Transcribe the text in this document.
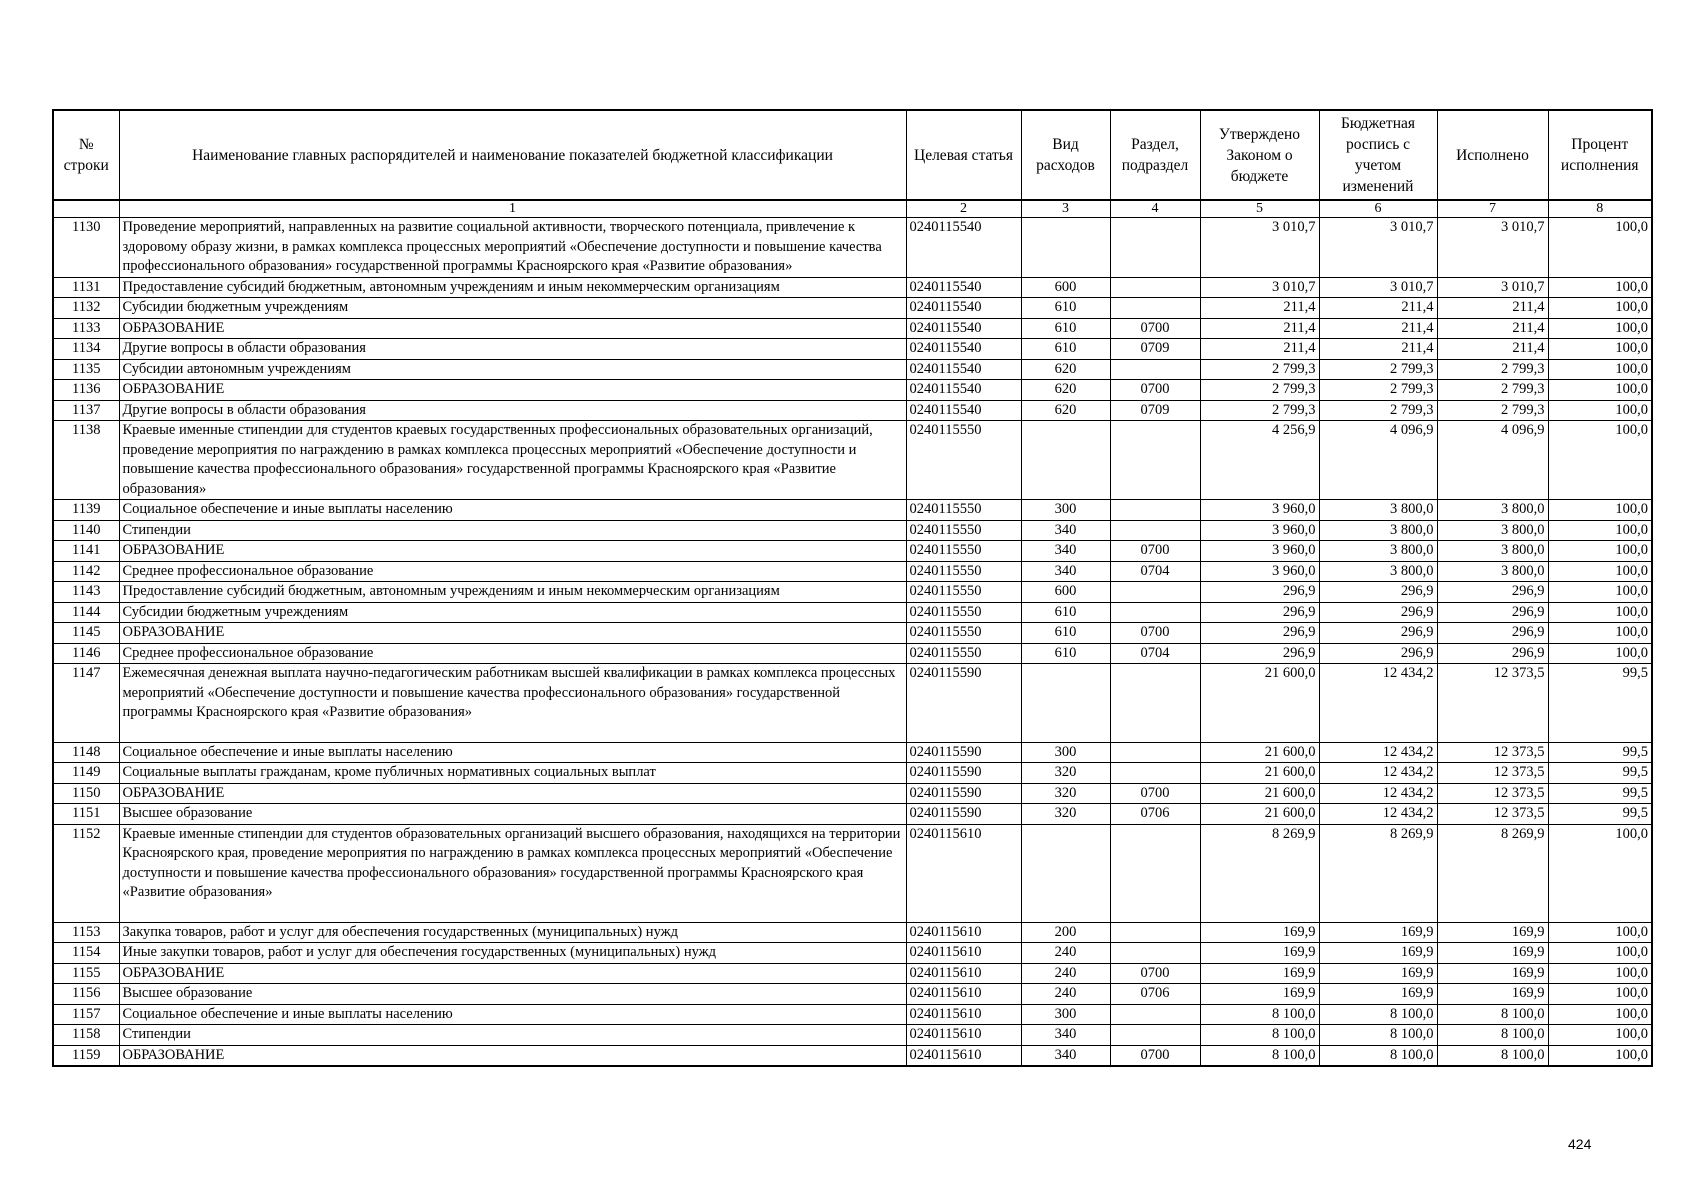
№ строки	Наименование главных распорядителей и наименование показателей бюджетной классификации	Целевая статья	Вид расходов	Раздел, подраздел	Утверждено Законом о бюджете	Бюджетная роспись с учетом изменений	Исполнено	Процент исполнения
	1	2	3	4	5	6	7	8
1130	Проведение мероприятий, направленных на развитие социальной активности, творческого потенциала, привлечение к здоровому образу жизни, в рамках комплекса процессных мероприятий «Обеспечение доступности и повышение качества профессионального образования» государственной программы Красноярского края «Развитие образования»	0240115540			3 010,7	3 010,7	3 010,7	100,0
1131	Предоставление субсидий бюджетным, автономным учреждениям и иным некоммерческим организациям	0240115540	600		3 010,7	3 010,7	3 010,7	100,0
1132	Субсидии бюджетным учреждениям	0240115540	610		211,4	211,4	211,4	100,0
1133	ОБРАЗОВАНИЕ	0240115540	610	0700	211,4	211,4	211,4	100,0
1134	Другие вопросы в области образования	0240115540	610	0709	211,4	211,4	211,4	100,0
1135	Субсидии автономным учреждениям	0240115540	620		2 799,3	2 799,3	2 799,3	100,0
1136	ОБРАЗОВАНИЕ	0240115540	620	0700	2 799,3	2 799,3	2 799,3	100,0
1137	Другие вопросы в области образования	0240115540	620	0709	2 799,3	2 799,3	2 799,3	100,0
1138	Краевые именные стипендии для студентов краевых государственных профессиональных образовательных организаций, проведение мероприятия по награждению в рамках комплекса процессных мероприятий «Обеспечение доступности и повышение качества профессионального образования» государственной программы Красноярского края «Развитие образования»	0240115550			4 256,9	4 096,9	4 096,9	100,0
1139	Социальное обеспечение и иные выплаты населению	0240115550	300		3 960,0	3 800,0	3 800,0	100,0
1140	Стипендии	0240115550	340		3 960,0	3 800,0	3 800,0	100,0
1141	ОБРАЗОВАНИЕ	0240115550	340	0700	3 960,0	3 800,0	3 800,0	100,0
1142	Среднее профессиональное образование	0240115550	340	0704	3 960,0	3 800,0	3 800,0	100,0
1143	Предоставление субсидий бюджетным, автономным учреждениям и иным некоммерческим организациям	0240115550	600		296,9	296,9	296,9	100,0
1144	Субсидии бюджетным учреждениям	0240115550	610		296,9	296,9	296,9	100,0
1145	ОБРАЗОВАНИЕ	0240115550	610	0700	296,9	296,9	296,9	100,0
1146	Среднее профессиональное образование	0240115550	610	0704	296,9	296,9	296,9	100,0
1147	Ежемесячная денежная выплата научно-педагогическим работникам высшей квалификации в рамках комплекса процессных мероприятий «Обеспечение доступности и повышение качества профессионального образования» государственной программы Красноярского края «Развитие образования»	0240115590			21 600,0	12 434,2	12 373,5	99,5
1148	Социальное обеспечение и иные выплаты населению	0240115590	300		21 600,0	12 434,2	12 373,5	99,5
1149	Социальные выплаты гражданам, кроме публичных нормативных социальных выплат	0240115590	320		21 600,0	12 434,2	12 373,5	99,5
1150	ОБРАЗОВАНИЕ	0240115590	320	0700	21 600,0	12 434,2	12 373,5	99,5
1151	Высшее образование	0240115590	320	0706	21 600,0	12 434,2	12 373,5	99,5
1152	Краевые именные стипендии для студентов образовательных организаций высшего образования, находящихся на территории Красноярского края, проведение мероприятия по награждению в рамках комплекса процессных мероприятий «Обеспечение доступности и повышение качества профессионального образования» государственной программы Красноярского края «Развитие образования»	0240115610			8 269,9	8 269,9	8 269,9	100,0
1153	Закупка товаров, работ и услуг для обеспечения государственных (муниципальных) нужд	0240115610	200		169,9	169,9	169,9	100,0
1154	Иные закупки товаров, работ и услуг для обеспечения государственных (муниципальных) нужд	0240115610	240		169,9	169,9	169,9	100,0
1155	ОБРАЗОВАНИЕ	0240115610	240	0700	169,9	169,9	169,9	100,0
1156	Высшее образование	0240115610	240	0706	169,9	169,9	169,9	100,0
1157	Социальное обеспечение и иные выплаты населению	0240115610	300		8 100,0	8 100,0	8 100,0	100,0
1158	Стипендии	0240115610	340		8 100,0	8 100,0	8 100,0	100,0
1159	ОБРАЗОВАНИЕ	0240115610	340	0700	8 100,0	8 100,0	8 100,0	100,0
424
